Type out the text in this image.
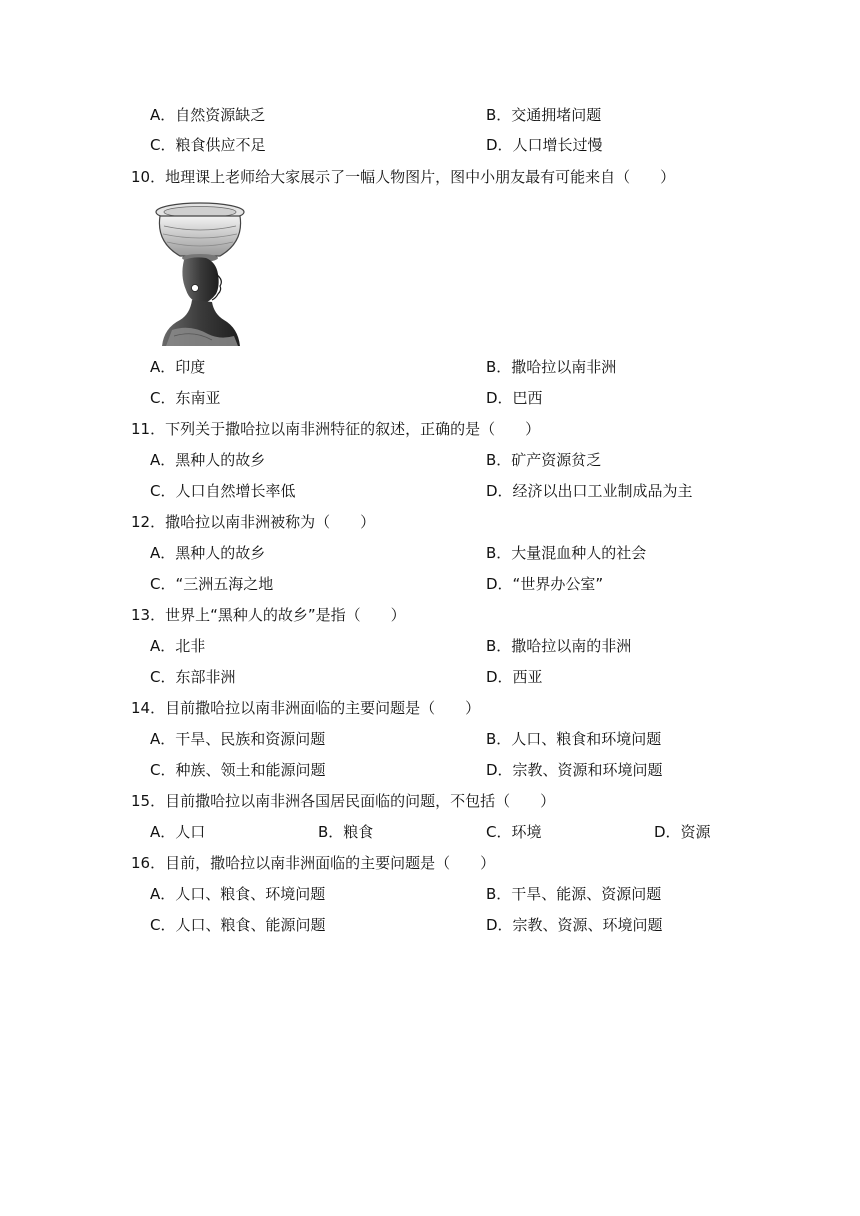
A．自然资源缺乏	B．交通拥堵问题
C．粮食供应不足	D．人口增长过慢
10．地理课上老师给大家展示了一幅人物图片，图中小朋友最有可能来自（　　）
A．印度	B．撒哈拉以南非洲
C．东南亚	D．巴西
11．下列关于撒哈拉以南非洲特征的叙述，正确的是（　　）
A．黑种人的故乡	B．矿产资源贫乏
C．人口自然增长率低	D．经济以出口工业制成品为主
12．撒哈拉以南非洲被称为（　　）
A．黑种人的故乡	B．大量混血种人的社会
C．“三洲五海之地	D．“世界办公室”
13．世界上“黑种人的故乡”是指（　　）
A．北非	B．撒哈拉以南的非洲
C．东部非洲	D．西亚
14．目前撒哈拉以南非洲面临的主要问题是（　　）
A．干旱、民族和资源问题	B．人口、粮食和环境问题
C．种族、领土和能源问题	D．宗教、资源和环境问题
15．目前撒哈拉以南非洲各国居民面临的问题，不包括（　　）
A．人口	B．粮食	C．环境	D．资源
16．目前，撒哈拉以南非洲面临的主要问题是（　　）
A．人口、粮食、环境问题	B．干旱、能源、资源问题
C．人口、粮食、能源问题	D．宗教、资源、环境问题
